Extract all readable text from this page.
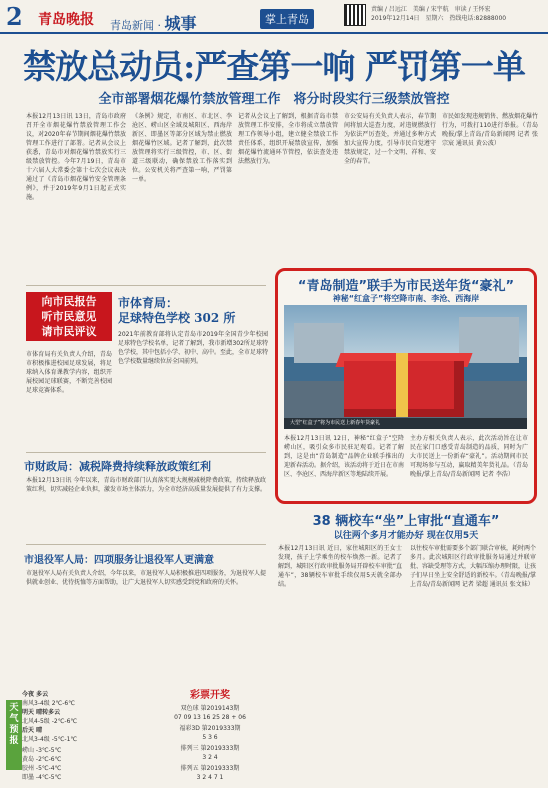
2 青岛晚报 青岛新闻 · 城事	掌上青岛
责编 / 吕远江　美编 / 宋宇航　审读 / 王怀宏
2019年12月14日　星期六　热线电话:82888000
禁放总动员:严查第一响 严罚第一单
全市部署烟花爆竹禁放管理工作　将分时段实行三级禁放管控
本报12月13日讯 13日，青岛市政府召开全市烟花爆竹禁放管理工作会议，对2020年春节期间烟花爆竹禁放管理工作进行了部署。记者从会议上获悉，青岛市对烟花爆竹禁放实行三级禁放管控。今年7月19日，青岛市十六届人大常委会第十七次会议表决通过了《青岛市烟花爆竹安全管理条例》，并于2019年9月1日起正式实施。
《条例》规定，市南区、市北区、李沧区、崂山区全域及城阳区、西海岸新区、即墨区等部分区域为禁止燃放烟花爆竹区域。记者了解到，此次禁放管理将实行三级管控，市、区、街道三级联动，确保禁放工作落实到位。公安机关将严查第一响，严罚第一单。
记者从会议上了解到，根据青岛市禁放管理工作安排，全市将成立禁放管理工作领导小组，建立健全禁放工作责任体系，组织开展禁放宣传，加强烟花爆竹流通环节管控，依法查处违法燃放行为。
市公安局有关负责人表示，春节期间将加大巡查力度，对违规燃放行为依法严厉查处，并通过多种方式加大宣传力度，引导市民自觉遵守禁放规定，过一个文明、祥和、安全的春节。
市民如发现违规销售、燃放烟花爆竹行为，可拨打110进行举报。（青岛晚报/掌上青岛/青岛新闻网 记者 张宗宸 通讯员 黄公波）
向市民报告
听市民意见
请市民评议
市体育局：
足球特色学校 302 所
2021年前教育部将认定青岛市2019年全国青少年校园足球特色学校名单，记者了解到，我市新增302所足球特色学校，其中包括小学、初中、高中。至此，全市足球特色学校数量继续位居全国前列。
市体育局有关负责人介绍，青岛市积极推进校园足球发展，将足球纳入体育课教学内容，组织开展校园足球联赛，不断完善校园足球竞赛体系。
市财政局：减税降费持续释放政策红利
本报12月13日讯 今年以来，青岛市财政部门认真落实更大规模减税降费政策，持续释放政策红利，切实减轻企业负担，激发市场主体活力，为全市经济高质量发展提供了有力支撑。
市退役军人局：四项服务让退役军人更满意
市退役军人局有关负责人介绍，今年以来，市退役军人局积极推进四项服务，为退役军人提供就业创业、优待抚恤等方面帮助，让广大退役军人切实感受到党和政府的关怀。
“青岛制造”联手为市民送年货“豪礼”
神秘“红盒子”将空降市南、李沧、西海岸
大型“红盒子”将为市民送上新春年货豪礼
本报12月13日讯 12日，神秘“红盒子”空降崂山区，吸引众多市民驻足观看。记者了解到，这是由“青岛制造”品牌企业联手推出的迎新春活动。据介绍，该活动将于近日在市南区、李沧区、西海岸新区等地陆续开展。
主办方相关负责人表示，此次活动旨在让市民在家门口感受青岛制造的品质，同时为广大市民送上一份新春“豪礼”。活动期间市民可现场参与互动，赢取精美年货礼品。（青岛晚报/掌上青岛/青岛新闻网 记者 李浩）
38 辆校车“坐”上审批“直通车”
以往两个多月才能办好 现在仅用5天
本报12月13日讯 近日，家住城阳区的王女士发现，孩子上学乘坐的校车焕然一新。记者了解到，城阳区行政审批服务局开辟校车审批“直通车”，38辆校车审批手续仅用5天就全部办结。
以往校车审批需要多个部门联合审核，耗时两个多月。此次城阳区行政审批服务局通过并联审批、容缺受理等方式，大幅压缩办理时限，让孩子们早日坐上安全舒适的新校车。（青岛晚报/掌上青岛/青岛新闻网 记者 梁超 通讯员 张文妹）
天气预报
今夜 多云
南风3-4级 2℃-6℃
明天 晴转多云
北风4-5级 -2℃-6℃
后天 晴
北风3-4级 -5℃-1℃
崂山 -3℃-5℃
黄岛 -2℃-6℃
胶州 -5℃-4℃
即墨 -4℃-5℃
彩票开奖
双色球 第2019143期
07 09 13 16 25 28 + 06
福彩3D 第2019333期
5 3 6
排列三 第2019333期
3 2 4
排列五 第2019333期
3 2 4 7 1
